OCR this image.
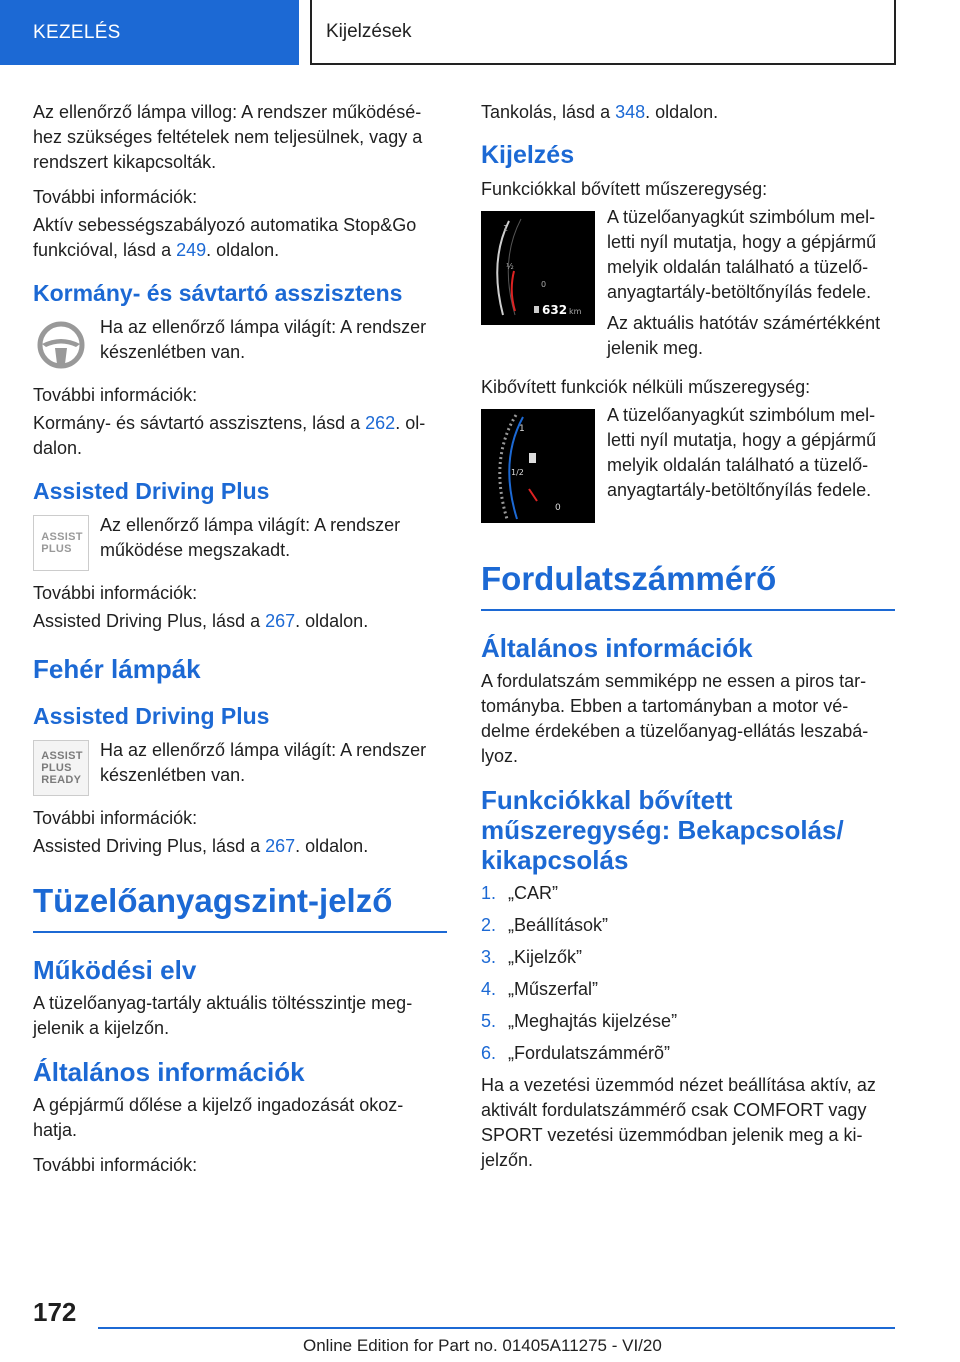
KEZELÉS	Kijelzések

Az ellenőrző lámpa villog: A rendszer működésé-hez szükséges feltételek nem teljesülnek, vagy a rendszert kikapcsolták.

További információk:

Aktív sebességszabályozó automatika Stop&Go funkcióval, lásd a 249. oldalon.

Kormány- és sávtartó asszisztens
Ha az ellenőrző lámpa világít: A rendszer készenlétben van.

További információk:

Kormány- és sávtartó asszisztens, lásd a 262. ol-dalon.

Assisted Driving Plus
ASSIST
PLUS
Az ellenőrző lámpa világít: A rendszer működése megszakadt.

További információk:

Assisted Driving Plus, lásd a 267. oldalon.

Fehér lámpák
Assisted Driving Plus
ASSIST
PLUS
READY
Ha az ellenőrző lámpa világít: A rendszer készenlétben van.

További információk:

Assisted Driving Plus, lásd a 267. oldalon.

Tüzelőanyagszint-jelző
Működési elv

A tüzelőanyag-tartály aktuális töltésszintje meg-jelenik a kijelzőn.

Általános információk

A gépjármű dőlése a kijelző ingadozását okoz-hatja.

További információk:

Tankolás, lásd a 348. oldalon.

Kijelzés

Funkciókkal bővített műszeregység:

1
½
0
632 km
A tüzelőanyagkút szimbólum mel-letti nyíl mutatja, hogy a gépjármű melyik oldalán található a tüzelő-anyagtartály-betöltőnyílás fedele.
Az aktuális hatótáv számértékként jelenik meg.

Kibővített funkciók nélküli műszeregység:

1
1/2
0
A tüzelőanyagkút szimbólum mel-letti nyíl mutatja, hogy a gépjármű melyik oldalán található a tüzelő-anyagtartály-betöltőnyílás fedele.
Fordulatszámmérő
Általános információk

A fordulatszám semmiképp ne essen a piros tar-tományba. Ebben a tartományban a motor vé-delme érdekében a tüzelőanyag-ellátás leszabá-lyoz.

Funkciókkal bővített műszeregység: Bekapcsolás/ kikapcsolás
1. „CAR”
2. „Beállítások”
3. „Kijelzők”
4. „Műszerfal”
5. „Meghajtás kijelzése”
6. „Fordulatszámmérõ”

Ha a vezetési üzemmód nézet beállítása aktív, az aktivált fordulatszámmérő csak COMFORT vagy SPORT vezetési üzemmódban jelenik meg a ki-jelzőn.

172
Online Edition for Part no. 01405A11275 - VI/20
